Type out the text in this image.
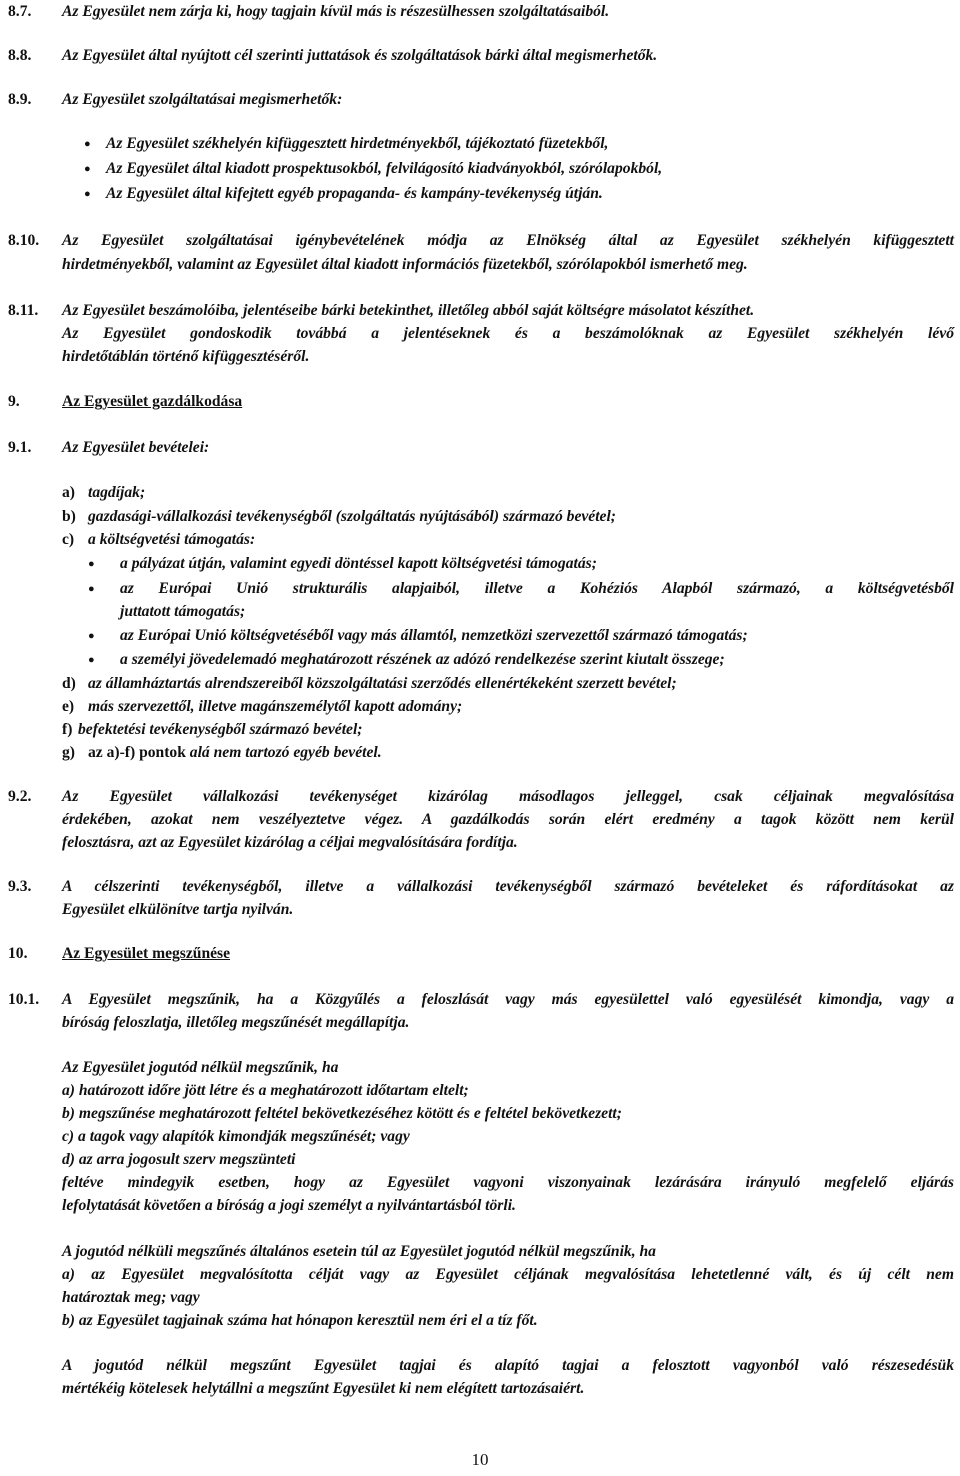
8.7. Az Egyesület nem zárja ki, hogy tagjain kívül más is részesülhessen szolgáltatásaiból.
8.8. Az Egyesület által nyújtott cél szerinti juttatások és szolgáltatások bárki által megismerhetők.
8.9. Az Egyesület szolgáltatásai megismerhetők:
● Az Egyesület székhelyén kifüggesztett hirdetményekből, tájékoztató füzetekből,
● Az Egyesület által kiadott prospektusokból, felvilágosító kiadványokból, szórólapokból,
● Az Egyesület által kifejtett egyéb propaganda- és kampány-tevékenység útján.
8.10. Az Egyesület szolgáltatásai igénybevételének módja az Elnökség által az Egyesület székhelyén kifüggesztett
hirdetményekből, valamint az Egyesület által kiadott információs füzetekből, szórólapokból ismerhető meg.
8.11. Az Egyesület beszámolóiba, jelentéseibe bárki betekinthet, illetőleg abból saját költségre másolatot készíthet.
Az Egyesület gondoskodik továbbá a jelentéseknek és a beszámolóknak az Egyesület székhelyén lévő
hirdetőtáblán történő kifüggesztéséről.
9.	Az Egyesület gazdálkodása
9.1. Az Egyesület bevételei:
a) tagdíjak;
b) gazdasági-vállalkozási tevékenységből (szolgáltatás nyújtásából) származó bevétel;
c) a költségvetési támogatás:
● a pályázat útján, valamint egyedi döntéssel kapott költségvetési támogatás;
● az Európai Unió strukturális alapjaiból, illetve a Kohéziós Alapból származó, a költségvetésből
juttatott támogatás;
● az Európai Unió költségvetéséből vagy más államtól, nemzetközi szervezettől származó támogatás;
● a személyi jövedelemadó meghatározott részének az adózó rendelkezése szerint kiutalt összege;
d) az államháztartás alrendszereiből közszolgáltatási szerződés ellenértékeként szerzett bevétel;
e) más szervezettől, illetve magánszemélytől kapott adomány;
f) befektetési tevékenységből származó bevétel;
g) az a)-f) pontok alá nem tartozó egyéb bevétel.
9.2. Az Egyesület vállalkozási tevékenységet kizárólag másodlagos jelleggel, csak céljainak megvalósítása
érdekében, azokat nem veszélyeztetve végez. A gazdálkodás során elért eredmény a tagok között nem kerül
felosztásra, azt az Egyesület kizárólag a céljai megvalósítására fordítja.
9.3. A célszerinti tevékenységből, illetve a vállalkozási tevékenységből származó bevételeket és ráfordításokat az
Egyesület elkülönítve tartja nyilván.
10. Az Egyesület megszűnése
10.1. A Egyesület megszűnik, ha a Közgyűlés a feloszlását vagy más egyesülettel való egyesülését kimondja, vagy a
bíróság feloszlatja, illetőleg megszűnését megállapítja.
Az Egyesület jogutód nélkül megszűnik, ha
a) határozott időre jött létre és a meghatározott időtartam eltelt;
b) megszűnése meghatározott feltétel bekövetkezéséhez kötött és e feltétel bekövetkezett;
c) a tagok vagy alapítók kimondják megszűnését; vagy
d) az arra jogosult szerv megszünteti
feltéve mindegyik esetben, hogy az Egyesület vagyoni viszonyainak lezárására irányuló megfelelő eljárás
lefolytatását követően a bíróság a jogi személyt a nyilvántartásból törli.
A jogutód nélküli megszűnés általános esetein túl az Egyesület jogutód nélkül megszűnik, ha
a) az Egyesület megvalósította célját vagy az Egyesület céljának megvalósítása lehetetlenné vált, és új célt nem
határoztak meg; vagy
b) az Egyesület tagjainak száma hat hónapon keresztül nem éri el a tíz főt.
A jogutód nélkül megszűnt Egyesület tagjai és alapító tagjai a felosztott vagyonból való részesedésük
mértékéig kötelesek helytállni a megszűnt Egyesület ki nem elégített tartozásaiért.
10
